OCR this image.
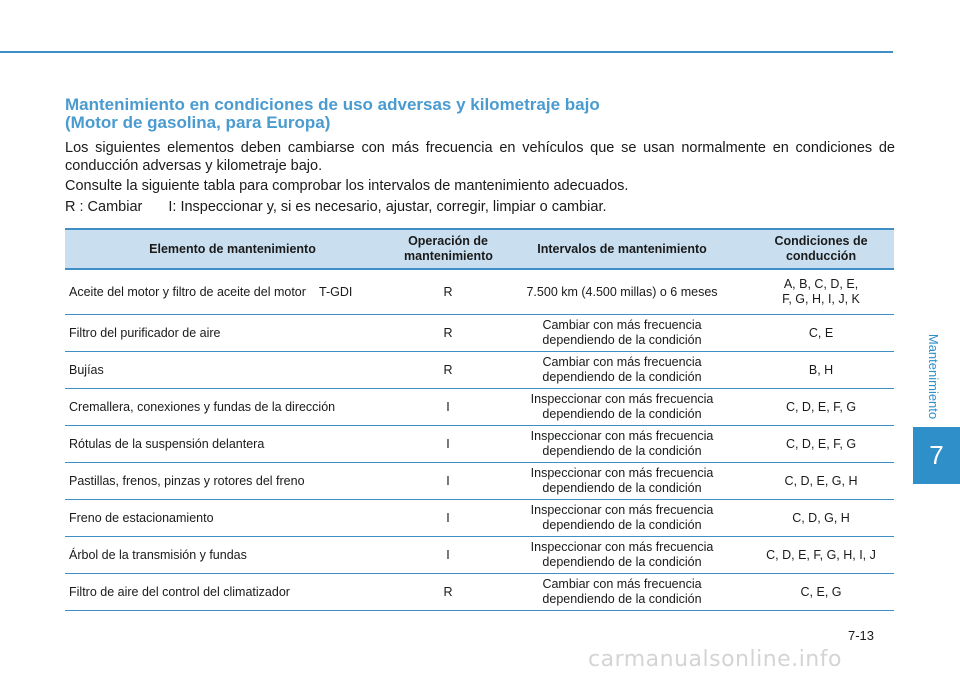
Mantenimiento
7
Mantenimiento en condiciones de uso adversas y kilometraje bajo
(Motor de gasolina, para Europa)

Los siguientes elementos deben cambiarse con más frecuencia en vehículos que se usan normalmente en condiciones de conducción adversas y kilometraje bajo.

Consulte la siguiente tabla para comprobar los intervalos de mantenimiento adecuados.

R : Cambiar I: Inspeccionar y, si es necesario, ajustar, corregir, limpiar o cambiar.

Elemento de mantenimiento		Operación de mantenimiento	Intervalos de mantenimiento	Condiciones de conducción
Aceite del motor y filtro de aceite del motor	T-GDI	R	7.500 km (4.500 millas) o 6 meses	A, B, C, D, E,
F, G, H, I, J, K

Filtro del purificador de aire		R	Cambiar con más frecuencia
dependiendo de la condición	C, E
Bujías		R	Cambiar con más frecuencia
dependiendo de la condición	B, H
Cremallera, conexiones y fundas de la dirección		I	Inspeccionar con más frecuencia
dependiendo de la condición	C, D, E, F, G
Rótulas de la suspensión delantera		I	Inspeccionar con más frecuencia
dependiendo de la condición	C, D, E, F, G
Pastillas, frenos, pinzas y rotores del freno		I	Inspeccionar con más frecuencia
dependiendo de la condición	C, D, E, G, H
Freno de estacionamiento		I	Inspeccionar con más frecuencia
dependiendo de la condición	C, D, G, H
Árbol de la transmisión y fundas		I	Inspeccionar con más frecuencia
dependiendo de la condición	C, D, E, F, G, H, I, J
Filtro de aire del control del climatizador		R	Cambiar con más frecuencia
dependiendo de la condición	C, E, G
7-13
carmanualsonline.info
